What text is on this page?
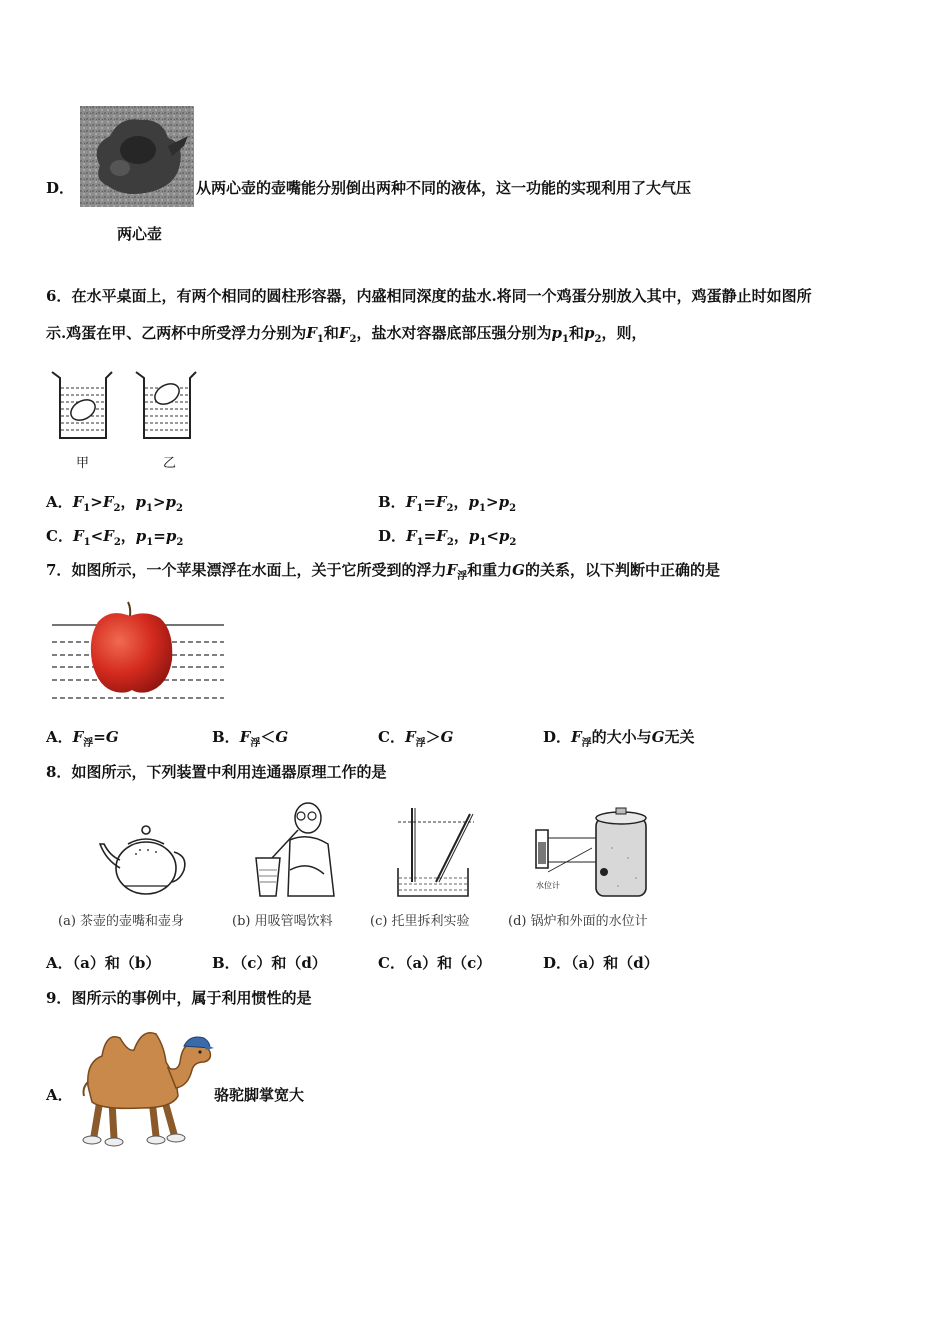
D．	从两心壶的壶嘴能分别倒出两种不同的液体，这一功能的实现利用了大气压
两心壶
6．在水平桌面上，有两个相同的圆柱形容器，内盛相同深度的盐水.将同一个鸡蛋分别放入其中，鸡蛋静止时如图所
示.鸡蛋在甲、乙两杯中所受浮力分别为$F_1$和$F_2$，盐水对容器底部压强分别为$p_1$和$p_2$，则，
甲	乙
A．$F_1>F_2$，$p_1>p_2$	B．$F_1=F_2$，$p_1>p_2$
C．$F_1<F_2$，$p_1=p_2$	D．$F_1=F_2$，$p_1<p_2$
7．如图所示，一个苹果漂浮在水面上，关于它所受到的浮力$F_浮$和重力G的关系，以下判断中正确的是
A．$F_浮=G$	B．$F_浮<G$	C．$F_浮>G$	D．$F_浮$的大小与G无关
8．如图所示，下列装置中利用连通器原理工作的是
水位计
(a) 茶壶的壶嘴和壶身	(b) 用吸管喝饮料	(c) 托里拆利实验	(d) 锅炉和外面的水位计
A．（a）和（b）	B．（c）和（d）	C．（a）和（c）	D．（a）和（d）
9．图所示的事例中，属于利用惯性的是
A．	骆驼脚掌宽大
